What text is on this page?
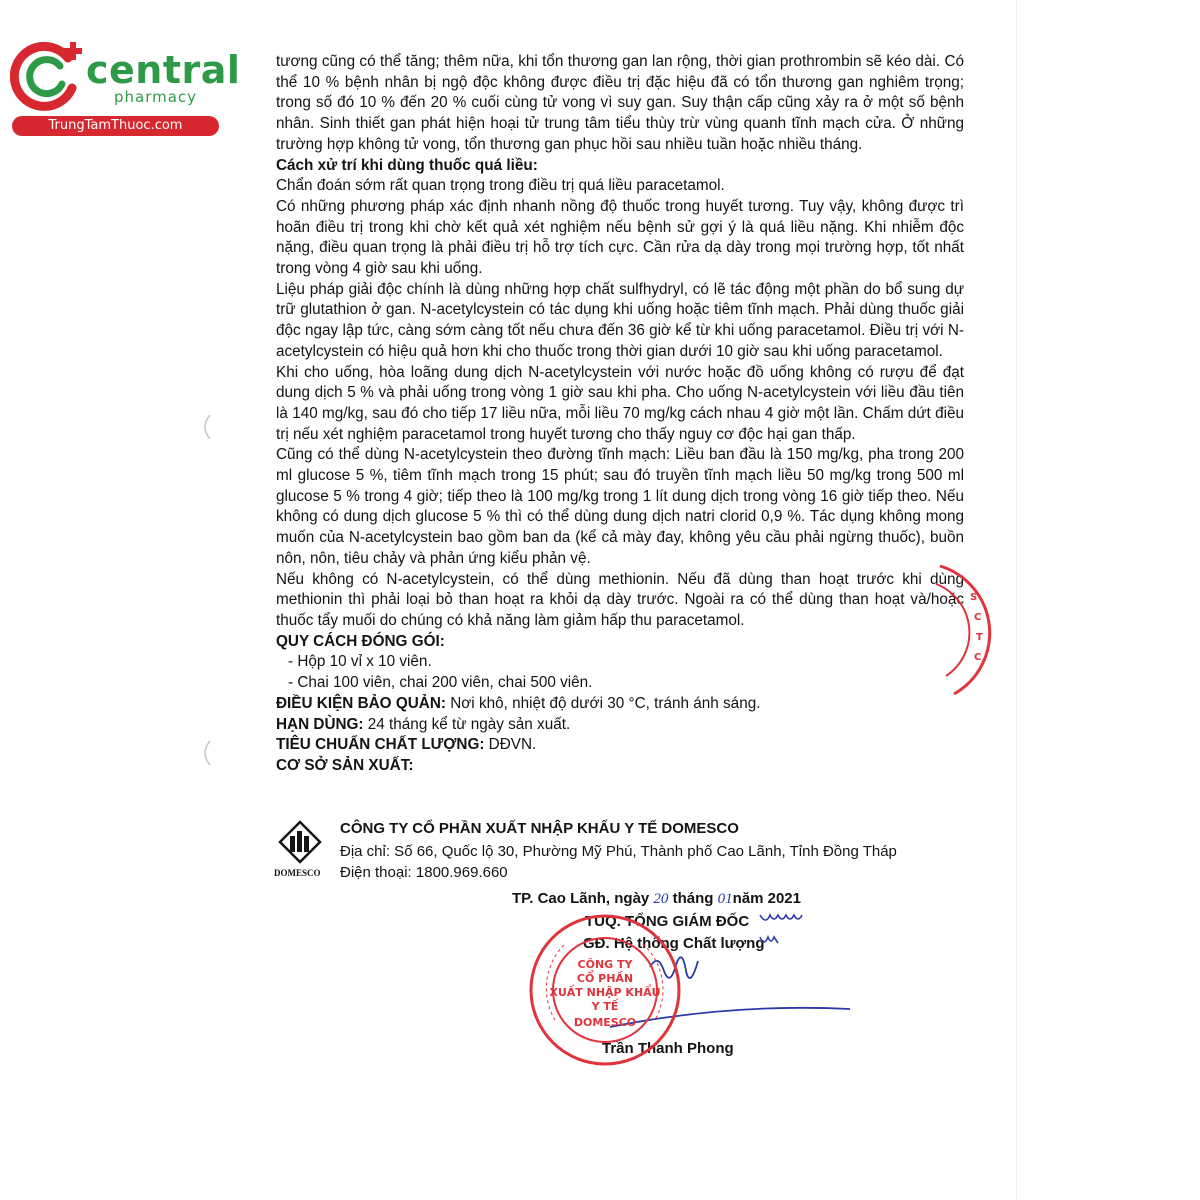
central
pharmacy
TrungTamThuoc.com

tương cũng có thể tăng; thêm nữa, khi tổn thương gan lan rộng, thời gian prothrombin sẽ kéo dài. Có thể 10 % bệnh nhân bị ngộ độc không được điều trị đặc hiệu đã có tổn thương gan nghiêm trọng; trong số đó 10 % đến 20 % cuối cùng tử vong vì suy gan. Suy thận cấp cũng xảy ra ở một số bệnh nhân. Sinh thiết gan phát hiện hoại tử trung tâm tiểu thùy trừ vùng quanh tĩnh mạch cửa. Ở những trường hợp không tử vong, tổn thương gan phục hồi sau nhiều tuần hoặc nhiều tháng.

Cách xử trí khi dùng thuốc quá liều:

Chẩn đoán sớm rất quan trọng trong điều trị quá liều paracetamol.

Có những phương pháp xác định nhanh nồng độ thuốc trong huyết tương. Tuy vậy, không được trì hoãn điều trị trong khi chờ kết quả xét nghiệm nếu bệnh sử gợi ý là quá liều nặng. Khi nhiễm độc nặng, điều quan trọng là phải điều trị hỗ trợ tích cực. Cần rửa dạ dày trong mọi trường hợp, tốt nhất trong vòng 4 giờ sau khi uống.

Liệu pháp giải độc chính là dùng những hợp chất sulfhydryl, có lẽ tác động một phần do bổ sung dự trữ glutathion ở gan. N-acetylcystein có tác dụng khi uống hoặc tiêm tĩnh mạch. Phải dùng thuốc giải độc ngay lập tức, càng sớm càng tốt nếu chưa đến 36 giờ kể từ khi uống paracetamol. Điều trị với N-acetylcystein có hiệu quả hơn khi cho thuốc trong thời gian dưới 10 giờ sau khi uống paracetamol.

Khi cho uống, hòa loãng dung dịch N-acetylcystein với nước hoặc đồ uống không có rượu để đạt dung dịch 5 % và phải uống trong vòng 1 giờ sau khi pha. Cho uống N-acetylcystein với liều đầu tiên là 140 mg/kg, sau đó cho tiếp 17 liều nữa, mỗi liều 70 mg/kg cách nhau 4 giờ một lần. Chấm dứt điều trị nếu xét nghiệm paracetamol trong huyết tương cho thấy nguy cơ độc hại gan thấp.

Cũng có thể dùng N-acetylcystein theo đường tĩnh mạch: Liều ban đầu là 150 mg/kg, pha trong 200 ml glucose 5 %, tiêm tĩnh mạch trong 15 phút; sau đó truyền tĩnh mạch liều 50 mg/kg trong 500 ml glucose 5 % trong 4 giờ; tiếp theo là 100 mg/kg trong 1 lít dung dịch trong vòng 16 giờ tiếp theo. Nếu không có dung dịch glucose 5 % thì có thể dùng dung dịch natri clorid 0,9 %. Tác dụng không mong muốn của N-acetylcystein bao gồm ban da (kể cả mày đay, không yêu cầu phải ngừng thuốc), buồn nôn, nôn, tiêu chảy và phản ứng kiểu phản vệ.

Nếu không có N-acetylcystein, có thể dùng methionin. Nếu đã dùng than hoạt trước khi dùng methionin thì phải loại bỏ than hoạt ra khỏi dạ dày trước. Ngoài ra có thể dùng than hoạt và/hoặc thuốc tẩy muối do chúng có khả năng làm giảm hấp thu paracetamol.

QUY CÁCH ĐÓNG GÓI:

- Hộp 10 vỉ x 10 viên.

- Chai 100 viên, chai 200 viên, chai 500 viên.

ĐIỀU KIỆN BẢO QUẢN: Nơi khô, nhiệt độ dưới 30 °C, tránh ánh sáng.

HẠN DÙNG: 24 tháng kể từ ngày sản xuất.

TIÊU CHUẨN CHẤT LƯỢNG: DĐVN.

CƠ SỞ SẢN XUẤT:

DOMESCO
CÔNG TY CỔ PHẦN XUẤT NHẬP KHẨU Y TẾ DOMESCO
Địa chỉ: Số 66, Quốc lộ 30, Phường Mỹ Phú, Thành phố Cao Lãnh, Tỉnh Đồng Tháp
Điện thoại: 1800.969.660
TP. Cao Lãnh, ngày 20 tháng 01năm 2021
TUQ. TỔNG GIÁM ĐỐC
GĐ. Hệ thống Chất lượng
Trần Thanh Phong
CÔNG TY
CỔ PHẦN
XUẤT NHẬP KHẨU
Y TẾ
DOMESCO
S
C
T
C
